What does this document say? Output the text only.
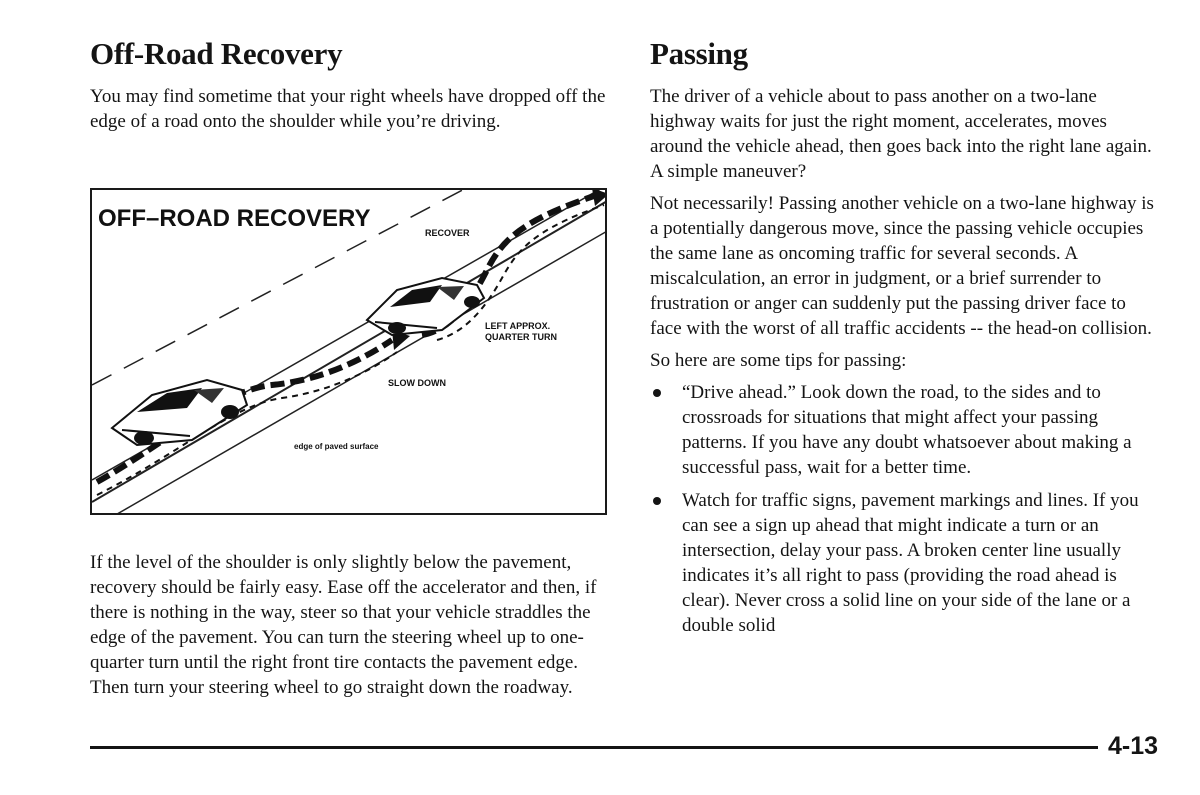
Off-Road Recovery

You may find sometime that your right wheels have dropped off the edge of a road onto the shoulder while you’re driving.

OFF–ROAD RECOVERY
RECOVER
LEFT APPROX.
QUARTER TURN
SLOW DOWN
edge of paved surface

If the level of the shoulder is only slightly below the pavement, recovery should be fairly easy. Ease off the accelerator and then, if there is nothing in the way, steer so that your vehicle straddles the edge of the pavement. You can turn the steering wheel up to one-quarter turn until the right front tire contacts the pavement edge. Then turn your steering wheel to go straight down the roadway.

Passing

The driver of a vehicle about to pass another on a two-lane highway waits for just the right moment, accelerates, moves around the vehicle ahead, then goes back into the right lane again. A simple maneuver?

Not necessarily! Passing another vehicle on a two-lane highway is a potentially dangerous move, since the passing vehicle occupies the same lane as oncoming traffic for several seconds. A miscalculation, an error in judgment, or a brief surrender to frustration or anger can suddenly put the passing driver face to face with the worst of all traffic accidents -- the head-on collision.

So here are some tips for passing:

“Drive ahead.” Look down the road, to the sides and to crossroads for situations that might affect your passing patterns. If you have any doubt whatsoever about making a successful pass, wait for a better time.
Watch for traffic signs, pavement markings and lines. If you can see a sign up ahead that might indicate a turn or an intersection, delay your pass. A broken center line usually indicates it’s all right to pass (providing the road ahead is clear). Never cross a solid line on your side of the lane or a double solid
4-13
